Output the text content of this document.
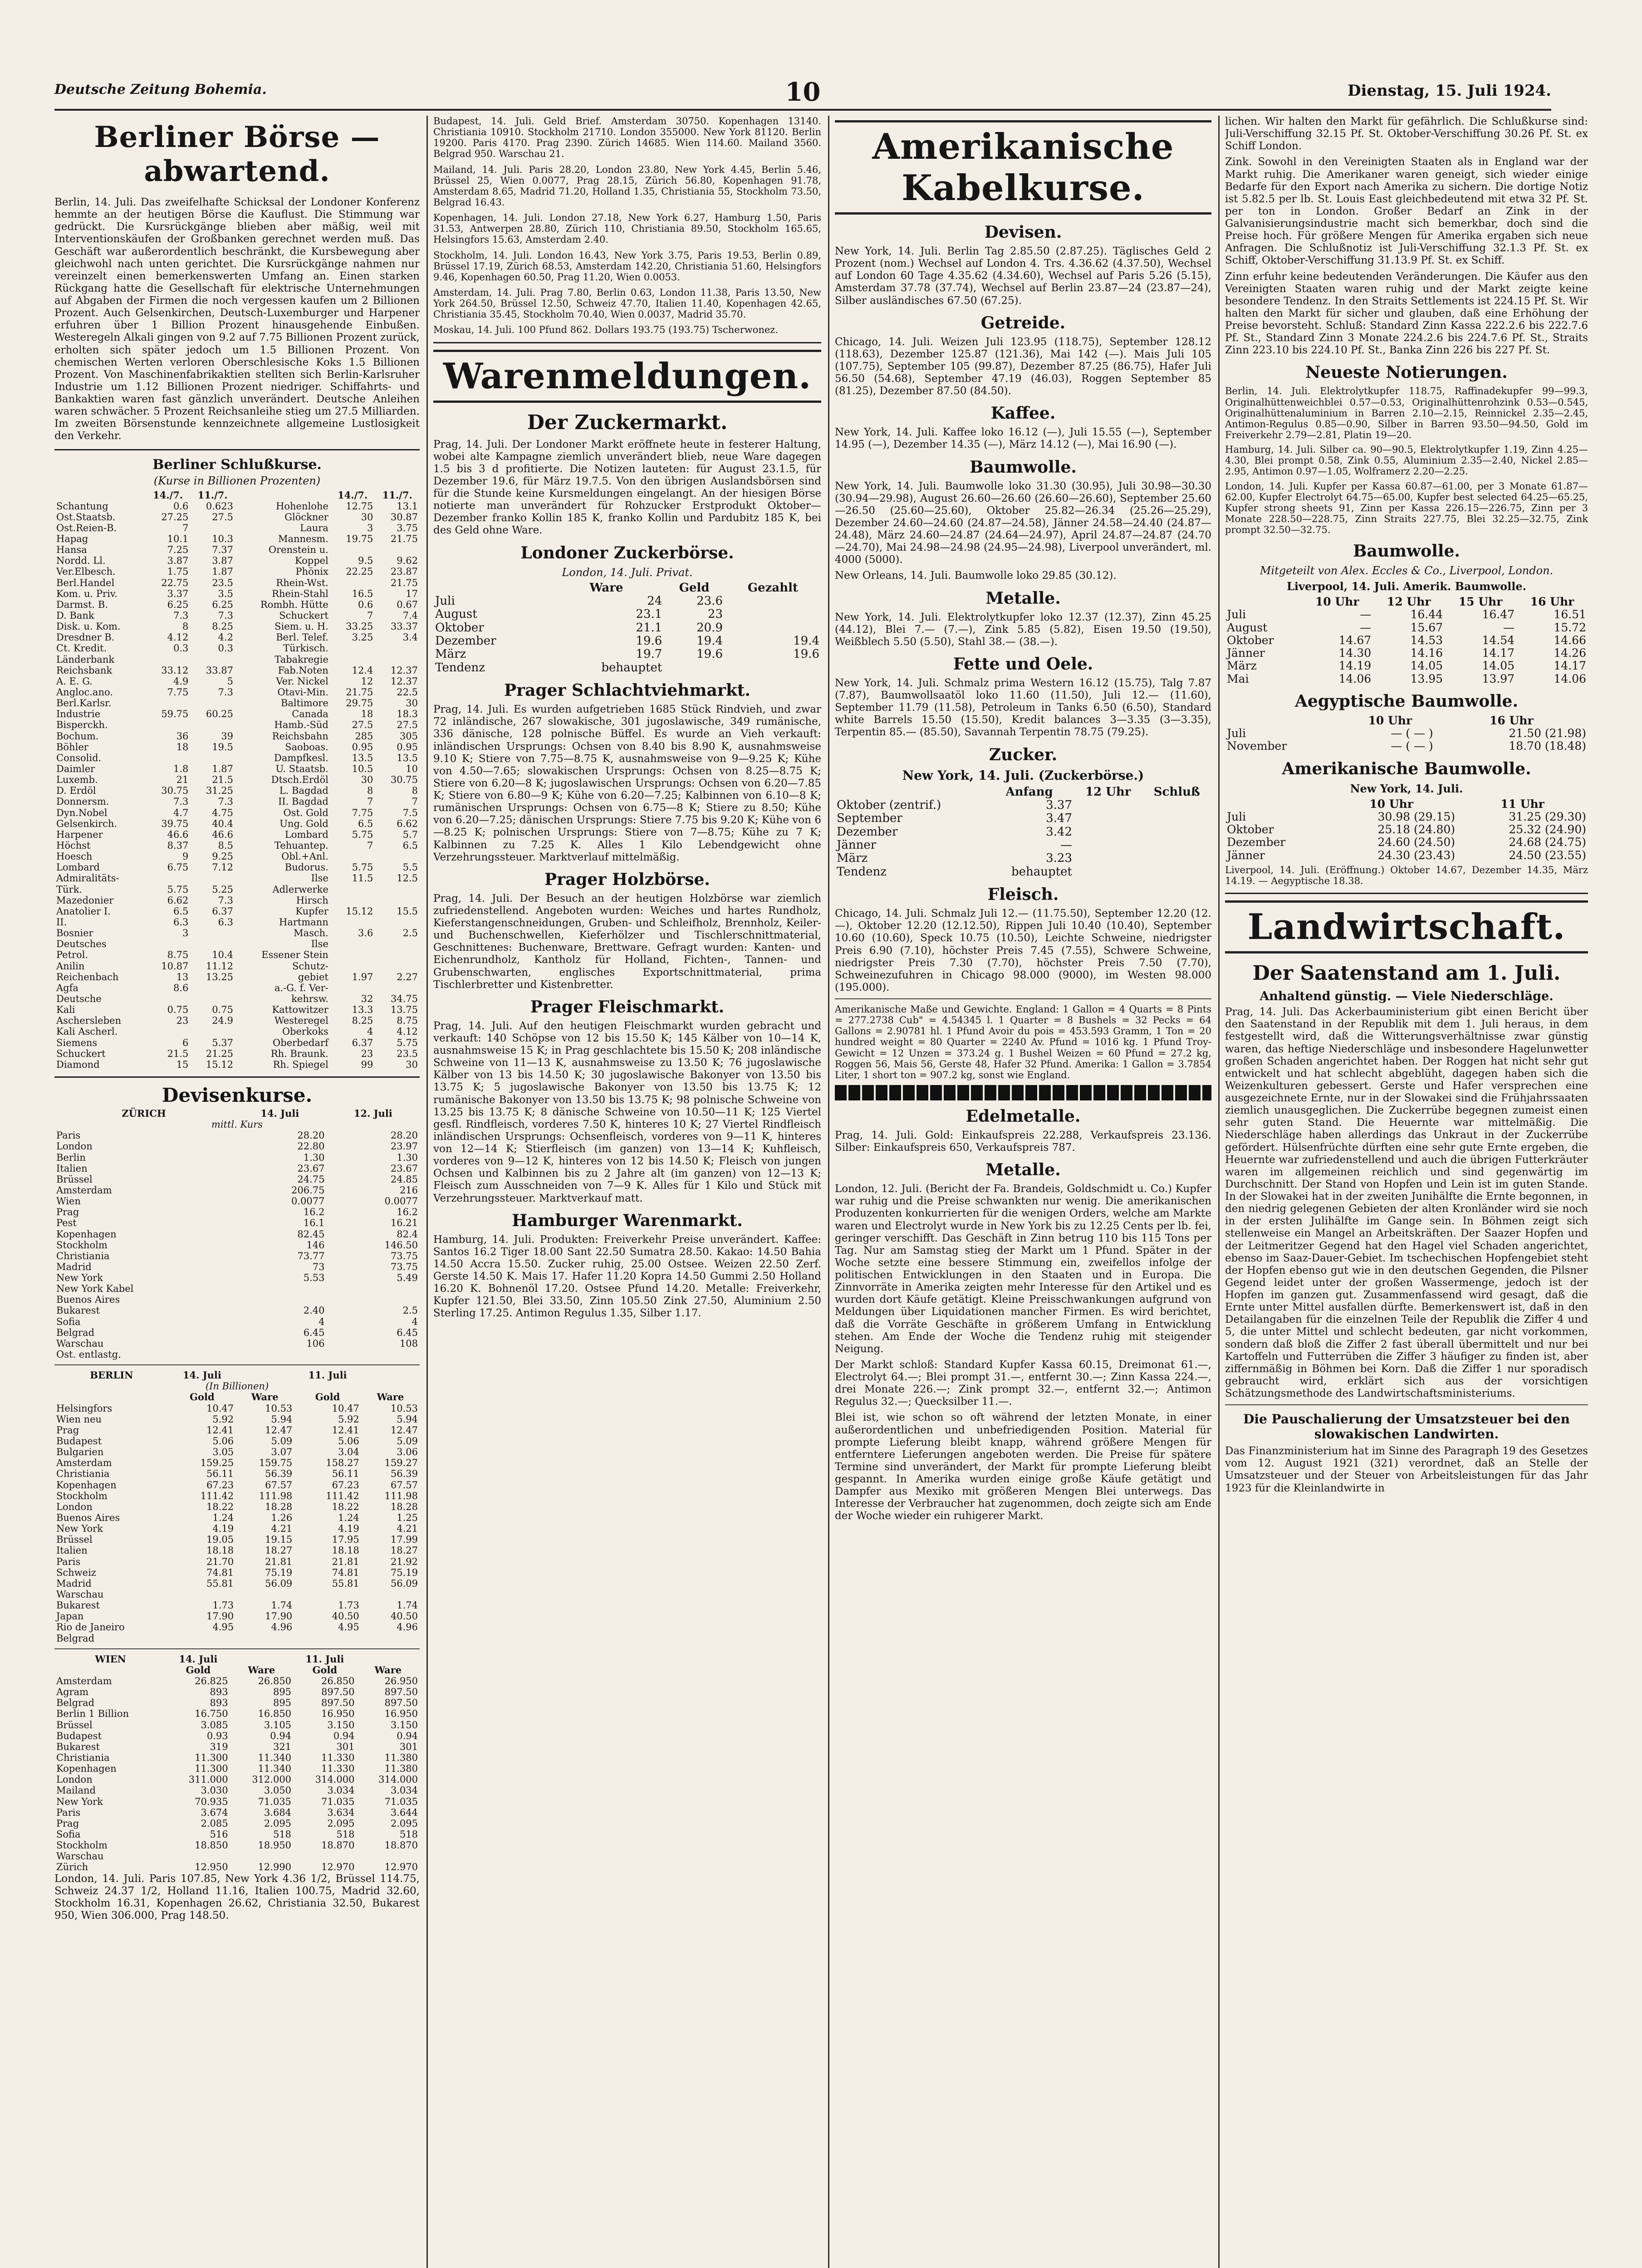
Deutsche Zeitung Bohemia.	10	Dienstag, 15. Juli 1924.
Berliner Börse — abwartend.

Berlin, 14. Juli. Das zweifelhafte Schicksal der Londoner Konferenz hemmte an der heutigen Börse die Kauflust. Die Stimmung war gedrückt. Die Kursrückgänge blieben aber mäßig, weil mit Interventionskäufen der Großbanken gerechnet werden muß. Das Geschäft war außerordentlich beschränkt, die Kursbewegung aber gleichwohl nach unten gerichtet. Die Kursrückgänge nahmen nur vereinzelt einen bemerkenswerten Umfang an. Einen starken Rückgang hatte die Gesellschaft für elektrische Unternehmungen auf Abgaben der Firmen die noch vergessen kaufen um 2 Billionen Prozent. Auch Gelsenkirchen, Deutsch-Luxemburger und Harpener erfuhren über 1 Billion Prozent hinausgehende Einbußen. Westeregeln Alkali gingen von 9.2 auf 7.75 Billionen Prozent zurück, erholten sich später jedoch um 1.5 Billionen Prozent. Von chemischen Werten verloren Oberschlesische Koks 1.5 Billionen Prozent. Von Maschinenfabrikaktien stellten sich Berlin-Karlsruher Industrie um 1.12 Billionen Prozent niedriger. Schiffahrts- und Bankaktien waren fast gänzlich unverändert. Deutsche Anleihen waren schwächer. 5 Prozent Reichsanleihe stieg um 27.5 Milliarden. Im zweiten Börsenstunde kennzeichnete allgemeine Lustlosigkeit den Verkehr.

Berliner Schlußkurse.
(Kurse in Billionen Prozenten)
	14./7.	11./7.		14./7.	11./7.
Schantung	0.6	0.623	Hohenlohe	12.75	13.1
Ost.Staatsb.	27.25	27.5	Glöckner	30	30.87
Ost.Reien-B.	7		Laura	3	3.75
Hapag	10.1	10.3	Mannesm.	19.75	21.75
Hansa	7.25	7.37	Orenstein u.		
Nordd. Ll.	3.87	3.87	Koppel	9.5	9.62
Ver.Elbesch.	1.75	1.87	Phönix	22.25	23.87
Berl.Handel	22.75	23.5	Rhein-Wst.		21.75
Kom. u. Priv.	3.37	3.5	Rhein-Stahl	16.5	17
Darmst. B.	6.25	6.25	Rombh. Hütte	0.6	0.67
D. Bank	7.3	7.3	Schuckert	7	7.4
Disk. u. Kom.	8	8.25	Siem. u. H.	33.25	33.37
Dresdner B.	4.12	4.2	Berl. Telef.	3.25	3.4
Ct. Kredit.	0.3	0.3	Türkisch.		
Länderbank			Tabakregie		
Reichsbank	33.12	33.87	Fab.Noten	12.4	12.37
A. E. G.	4.9	5	Ver. Nickel	12	12.37
Angloc.ano.	7.75	7.3	Otavi-Min.	21.75	22.5
Berl.Karlsr.			Baltimore	29.75	30
Industrie	59.75	60.25	Canada	18	18.3
Bisperckh.			Hamb.-Süd	27.5	27.5
Bochum.	36	39	Reichsbahn	285	305
Böhler	18	19.5	Saoboas.	0.95	0.95
Consolid.			Dampfkesl.	13.5	13.5
Daimler	1.8	1.87	U. Staatsb.	10.5	10
Luxemb.	21	21.5	Dtsch.Erdöl	30	30.75
D. Erdöl	30.75	31.25	L. Bagdad	8	8
Donnersm.	7.3	7.3	II. Bagdad	7	7
Dyn.Nobel	4.7	4.75	Ost. Gold	7.75	7.5
Gelsenkirch.	39.75	40.4	Ung. Gold	6.5	6.62
Harpener	46.6	46.6	Lombard	5.75	5.7
Höchst	8.37	8.5	Tehuantep.	7	6.5
Hoesch	9	9.25	Obl.+Anl.		
Lombard	6.75	7.12	Budorus.	5.75	5.5
Admiralitäts-			Ilse	11.5	12.5
Türk.	5.75	5.25	Adlerwerke		
Mazedonier	6.62	7.3	Hirsch		
Anatolier I.	6.5	6.37	Kupfer	15.12	15.5
II.	6.3	6.3	Hartmann		
Bosnier	3		Masch.	3.6	2.5
Deutsches			Ilse		
Petrol.	8.75	10.4	Essener Stein		
Anilin	10.87	11.12	Schutz-		
Reichenbach	13	13.25	gebiet	1.97	2.27
Agfa	8.6		a.-G. f. Ver-		
Deutsche			kehrsw.	32	34.75
Kali	0.75	0.75	Kattowitzer	13.3	13.75
Aschersleben	23	24.9	Westeregel	8.25	8.75
Kali Ascherl.			Oberkoks	4	4.12
Siemens	6	5.37	Oberbedarf	6.37	5.75
Schuckert	21.5	21.25	Rh. Braunk.	23	23.5
Diamond	15	15.12	Rh. Spiegel	99	30
Devisenkurse.
ZÜRICH	14. Juli	12. Juli
mittl. Kurs		
Paris	28.20	28.20
London	22.80	23.97
Berlin	1.30	1.30
Italien	23.67	23.67
Brüssel	24.75	24.85
Amsterdam	206.75	216
Wien	0.0077	0.0077
Prag	16.2	16.2
Pest	16.1	16.21
Kopenhagen	82.45	82.4
Stockholm	146	146.50
Christiania	73.77	73.75
Madrid	73	73.75
New York	5.53	5.49
New York Kabel		
Buenos Aires		
Bukarest	2.40	2.5
Sofia	4	4
Belgrad	6.45	6.45
Warschau	106	108
Ost. entlastg.		
BERLIN	14. Juli		11. Juli	
(In Billionen)				
	Gold	Ware	Gold	Ware
Helsingfors	10.47	10.53	10.47	10.53
Wien neu	5.92	5.94	5.92	5.94
Prag	12.41	12.47	12.41	12.47
Budapest	5.06	5.09	5.06	5.09
Bulgarien	3.05	3.07	3.04	3.06
Amsterdam	159.25	159.75	158.27	159.27
Christiania	56.11	56.39	56.11	56.39
Kopenhagen	67.23	67.57	67.23	67.57
Stockholm	111.42	111.98	111.42	111.98
London	18.22	18.28	18.22	18.28
Buenos Aires	1.24	1.26	1.24	1.25
New York	4.19	4.21	4.19	4.21
Brüssel	19.05	19.15	17.95	17.99
Italien	18.18	18.27	18.18	18.27
Paris	21.70	21.81	21.81	21.92
Schweiz	74.81	75.19	74.81	75.19
Madrid	55.81	56.09	55.81	56.09
Warschau				
Bukarest	1.73	1.74	1.73	1.74
Japan	17.90	17.90	40.50	40.50
Rio de Janeiro	4.95	4.96	4.95	4.96
Belgrad				
WIEN	14. Juli		11. Juli	
	Gold	Ware	Gold	Ware
Amsterdam	26.825	26.850	26.850	26.950
Agram	893	895	897.50	897.50
Belgrad	893	895	897.50	897.50
Berlin 1 Billion	16.750	16.850	16.950	16.950
Brüssel	3.085	3.105	3.150	3.150
Budapest	0.93	0.94	0.94	0.94
Bukarest	319	321	301	301
Christiania	11.300	11.340	11.330	11.380
Kopenhagen	11.300	11.340	11.330	11.380
London	311.000	312.000	314.000	314.000
Mailand	3.030	3.050	3.034	3.034
New York	70.935	71.035	71.035	71.035
Paris	3.674	3.684	3.634	3.644
Prag	2.085	2.095	2.095	2.095
Sofia	516	518	518	518
Stockholm	18.850	18.950	18.870	18.870
Warschau				
Zürich	12.950	12.990	12.970	12.970

London, 14. Juli. Paris 107.85, New York 4.36 1/2, Brüssel 114.75, Schweiz 24.37 1/2, Holland 11.16, Italien 100.75, Madrid 32.60, Stockholm 16.31, Kopenhagen 26.62, Christiania 32.50, Bukarest 950, Wien 306.000, Prag 148.50.

Budapest, 14. Juli. Geld Brief. Amsterdam 30750. Kopenhagen 13140. Christiania 10910. Stockholm 21710. London 355000. New York 81120. Berlin 19200. Paris 4170. Prag 2390. Zürich 14685. Wien 114.60. Mailand 3560. Belgrad 950. Warschau 21.

Mailand, 14. Juli. Paris 28.20, London 23.80, New York 4.45, Berlin 5.46, Brüssel 25, Wien 0.0077, Prag 28.15, Zürich 56.80, Kopenhagen 91.78, Amsterdam 8.65, Madrid 71.20, Holland 1.35, Christiania 55, Stockholm 73.50, Belgrad 16.43.

Kopenhagen, 14. Juli. London 27.18, New York 6.27, Hamburg 1.50, Paris 31.53, Antwerpen 28.80, Zürich 110, Christiania 89.50, Stockholm 165.65, Helsingfors 15.63, Amsterdam 2.40.

Stockholm, 14. Juli. London 16.43, New York 3.75, Paris 19.53, Berlin 0.89, Brüssel 17.19, Zürich 68.53, Amsterdam 142.20, Christiania 51.60, Helsingfors 9.46, Kopenhagen 60.50, Prag 11.20, Wien 0.0053.

Amsterdam, 14. Juli. Prag 7.80, Berlin 0.63, London 11.38, Paris 13.50, New York 264.50, Brüssel 12.50, Schweiz 47.70, Italien 11.40, Kopenhagen 42.65, Christiania 35.45, Stockholm 70.40, Wien 0.0037, Madrid 35.70.

Moskau, 14. Juli. 100 Pfund 862. Dollars 193.75 (193.75) Tscherwonez.

Warenmeldungen.
Der Zuckermarkt.

Prag, 14. Juli. Der Londoner Markt eröffnete heute in festerer Haltung, wobei alte Kampagne ziemlich unverändert blieb, neue Ware dagegen 1.5 bis 3 d profitierte. Die Notizen lauteten: für August 23.1.5, für Dezember 19.6, für März 19.7.5. Von den übrigen Auslandsbörsen sind für die Stunde keine Kursmeldungen eingelangt. An der hiesigen Börse notierte man unverändert für Rohzucker Erstprodukt Oktober—Dezember franko Kollin 185 K, franko Kollin und Pardubitz 185 K, bei des Geld ohne Ware.

Londoner Zuckerbörse.
London, 14. Juli. Privat.
	Ware	Geld	Gezahlt
Juli	24	23.6	
August	23.1	23	
Oktober	21.1	20.9	
Dezember	19.6	19.4	19.4
März	19.7	19.6	19.6
Tendenz	behauptet		
Prager Schlachtviehmarkt.

Prag, 14. Juli. Es wurden aufgetrieben 1685 Stück Rindvieh, und zwar 72 inländische, 267 slowakische, 301 jugoslawische, 349 rumänische, 336 dänische, 128 polnische Büffel. Es wurde an Vieh verkauft: inländischen Ursprungs: Ochsen von 8.40 bis 8.90 K, ausnahmsweise 9.10 K; Stiere von 7.75—8.75 K, ausnahmsweise von 9—9.25 K; Kühe von 4.50—7.65; slowakischen Ursprungs: Ochsen von 8.25—8.75 K; Stiere von 6.20—8 K; jugoslawischen Ursprungs: Ochsen von 6.20—7.85 K; Stiere von 6.80—9 K; Kühe von 6.20—7.25; Kalbinnen von 6.10—8 K; rumänischen Ursprungs: Ochsen von 6.75—8 K; Stiere zu 8.50; Kühe von 6.20—7.25; dänischen Ursprungs: Stiere 7.75 bis 9.20 K; Kühe von 6—8.25 K; polnischen Ursprungs: Stiere von 7—8.75; Kühe zu 7 K; Kalbinnen zu 7.25 K. Alles 1 Kilo Lebendgewicht ohne Verzehrungssteuer. Marktverlauf mittelmäßig.

Prager Holzbörse.

Prag, 14. Juli. Der Besuch an der heutigen Holzbörse war ziemlich zufriedenstellend. Angeboten wurden: Weiches und hartes Rundholz, Kieferstangenschneidungen, Gruben- und Schleifholz, Brennholz, Keiler- und Buchenschwellen, Kieferhölzer und Tischlerschnittmaterial, Geschnittenes: Buchenware, Brettware. Gefragt wurden: Kanten- und Eichenrundholz, Kantholz für Holland, Fichten-, Tannen- und Grubenschwarten, englisches Exportschnittmaterial, prima Tischlerbretter und Kistenbretter.

Prager Fleischmarkt.

Prag, 14. Juli. Auf den heutigen Fleischmarkt wurden gebracht und verkauft: 140 Schöpse von 12 bis 15.50 K; 145 Kälber von 10—14 K, ausnahmsweise 15 K; in Prag geschlachtete bis 15.50 K; 208 inländische Schweine von 11—13 K, ausnahmsweise zu 13.50 K; 76 jugoslawische Kälber von 13 bis 14.50 K; 30 jugoslawische Bakonyer von 13.50 bis 13.75 K; 5 jugoslawische Bakonyer von 13.50 bis 13.75 K; 12 rumänische Bakonyer von 13.50 bis 13.75 K; 98 polnische Schweine von 13.25 bis 13.75 K; 8 dänische Schweine von 10.50—11 K; 125 Viertel gesfl. Rindfleisch, vorderes 7.50 K, hinteres 10 K; 27 Viertel Rindfleisch inländischen Ursprungs: Ochsenfleisch, vorderes von 9—11 K, hinteres von 12—14 K; Stierfleisch (im ganzen) von 13—14 K; Kuhfleisch, vorderes von 9—12 K, hinteres von 12 bis 14.50 K; Fleisch von jungen Ochsen und Kalbinnen bis zu 2 Jahre alt (im ganzen) von 12—13 K; Fleisch zum Ausschneiden von 7—9 K. Alles für 1 Kilo und Stück mit Verzehrungssteuer. Marktverkauf matt.

Hamburger Warenmarkt.

Hamburg, 14. Juli. Produkten: Freiverkehr Preise unverändert. Kaffee: Santos 16.2 Tiger 18.00 Sant 22.50 Sumatra 28.50. Kakao: 14.50 Bahia 14.50 Accra 15.50. Zucker ruhig, 25.00 Ostsee. Weizen 22.50 Zerf. Gerste 14.50 K. Mais 17. Hafer 11.20 Kopra 14.50 Gummi 2.50 Holland 16.20 K. Bohnenöl 17.20. Ostsee Pfund 14.20. Metalle: Freiverkehr, Kupfer 121.50, Blei 33.50, Zinn 105.50 Zink 27.50, Aluminium 2.50 Sterling 17.25. Antimon Regulus 1.35, Silber 1.17.

Amerikanische Kabelkurse.
Devisen.

New York, 14. Juli. Berlin Tag 2.85.50 (2.87.25). Täglisches Geld 2 Prozent (nom.) Wechsel auf London 4. Trs. 4.36.62 (4.37.50), Wechsel auf London 60 Tage 4.35.62 (4.34.60), Wechsel auf Paris 5.26 (5.15), Amsterdam 37.78 (37.74), Wechsel auf Berlin 23.87—24 (23.87—24), Silber ausländisches 67.50 (67.25).

Getreide.

Chicago, 14. Juli. Weizen Juli 123.95 (118.75), September 128.12 (118.63), Dezember 125.87 (121.36), Mai 142 (—). Mais Juli 105 (107.75), September 105 (99.87), Dezember 87.25 (86.75), Hafer Juli 56.50 (54.68), September 47.19 (46.03), Roggen September 85 (81.25), Dezember 87.50 (84.50).

Kaffee.

New York, 14. Juli. Kaffee loko 16.12 (—), Juli 15.55 (—), September 14.95 (—), Dezember 14.35 (—), März 14.12 (—), Mai 16.90 (—).

Baumwolle.

New York, 14. Juli. Baumwolle loko 31.30 (30.95), Juli 30.98—30.30 (30.94—29.98), August 26.60—26.60 (26.60—26.60), September 25.60—26.50 (25.60—25.60), Oktober 25.82—26.34 (25.26—25.29), Dezember 24.60—24.60 (24.87—24.58), Jänner 24.58—24.40 (24.87—24.48), März 24.60—24.87 (24.64—24.97), April 24.87—24.87 (24.70—24.70), Mai 24.98—24.98 (24.95—24.98), Liverpool unverändert, ml. 4000 (5000).

New Orleans, 14. Juli. Baumwolle loko 29.85 (30.12).

Metalle.

New York, 14. Juli. Elektrolytkupfer loko 12.37 (12.37), Zinn 45.25 (44.12), Blei 7.— (7.—), Zink 5.85 (5.82), Eisen 19.50 (19.50), Weißblech 5.50 (5.50), Stahl 38.— (38.—).

Fette und Oele.

New York, 14. Juli. Schmalz prima Western 16.12 (15.75), Talg 7.87 (7.87), Baumwollsaatöl loko 11.60 (11.50), Juli 12.— (11.60), September 11.79 (11.58), Petroleum in Tanks 6.50 (6.50), Standard white Barrels 15.50 (15.50), Kredit balances 3—3.35 (3—3.35), Terpentin 85.— (85.50), Savannah Terpentin 78.75 (79.25).

Zucker.
New York, 14. Juli. (Zuckerbörse.)
	Anfang	12 Uhr	Schluß
Oktober (zentrif.)	3.37		
September	3.47		
Dezember	3.42		
Jänner	—		
März	3.23		
Tendenz	behauptet		
Fleisch.

Chicago, 14. Juli. Schmalz Juli 12.— (11.75.50), September 12.20 (12.—), Oktober 12.20 (12.12.50), Rippen Juli 10.40 (10.40), September 10.60 (10.60), Speck 10.75 (10.50), Leichte Schweine, niedrigster Preis 6.90 (7.10), höchster Preis 7.45 (7.55), Schwere Schweine, niedrigster Preis 7.30 (7.70), höchster Preis 7.50 (7.70), Schweinezufuhren in Chicago 98.000 (9000), im Westen 98.000 (195.000).

Amerikanische Maße und Gewichte. England: 1 Gallon = 4 Quarts = 8 Pints = 277.2738 Cub" = 4.54345 l. 1 Quarter = 8 Bushels = 32 Pecks = 64 Gallons = 2.90781 hl. 1 Pfund Avoir du pois = 453.593 Gramm, 1 Ton = 20 hundred weight = 80 Quarter = 2240 Av. Pfund = 1016 kg. 1 Pfund Troy-Gewicht = 12 Unzen = 373.24 g. 1 Bushel Weizen = 60 Pfund = 27.2 kg, Roggen 56, Mais 56, Gerste 48, Hafer 32 Pfund. Amerika: 1 Gallon = 3.7854 Liter, 1 short ton = 907.2 kg, sonst wie England.

Edelmetalle.

Prag, 14. Juli. Gold: Einkaufspreis 22.288, Verkaufspreis 23.136. Silber: Einkaufspreis 650, Verkaufspreis 787.

Metalle.

London, 12. Juli. (Bericht der Fa. Brandeis, Goldschmidt u. Co.) Kupfer war ruhig und die Preise schwankten nur wenig. Die amerikanischen Produzenten konkurrierten für die wenigen Orders, welche am Markte waren und Electrolyt wurde in New York bis zu 12.25 Cents per lb. fei, geringer verschifft. Das Geschäft in Zinn betrug 110 bis 115 Tons per Tag. Nur am Samstag stieg der Markt um 1 Pfund. Später in der Woche setzte eine bessere Stimmung ein, zweifellos infolge der politischen Entwicklungen in den Staaten und in Europa. Die Zinnvorräte in Amerika zeigten mehr Interesse für den Artikel und es wurden dort Käufe getätigt. Kleine Preisschwankungen aufgrund von Meldungen über Liquidationen mancher Firmen. Es wird berichtet, daß die Vorräte Geschäfte in größerem Umfang in Entwicklung stehen. Am Ende der Woche die Tendenz ruhig mit steigender Neigung.

Der Markt schloß: Standard Kupfer Kassa 60.15, Dreimonat 61.—, Electrolyt 64.—; Blei prompt 31.—, entfernt 30.—; Zinn Kassa 224.—, drei Monate 226.—; Zink prompt 32.—, entfernt 32.—; Antimon Regulus 32.—; Quecksilber 11.—.

Blei ist, wie schon so oft während der letzten Monate, in einer außerordentlichen und unbefriedigenden Position. Material für prompte Lieferung bleibt knapp, während größere Mengen für entferntere Lieferungen angeboten werden. Die Preise für spätere Termine sind unverändert, der Markt für prompte Lieferung bleibt gespannt. In Amerika wurden einige große Käufe getätigt und Dampfer aus Mexiko mit größeren Mengen Blei unterwegs. Das Interesse der Verbraucher hat zugenommen, doch zeigte sich am Ende der Woche wieder ein ruhigerer Markt.

lichen. Wir halten den Markt für gefährlich. Die Schlußkurse sind: Juli-Verschiffung 32.15 Pf. St. Oktober-Verschiffung 30.26 Pf. St. ex Schiff London.

Zink. Sowohl in den Vereinigten Staaten als in England war der Markt ruhig. Die Amerikaner waren geneigt, sich wieder einige Bedarfe für den Export nach Amerika zu sichern. Die dortige Notiz ist 5.82.5 per lb. St. Louis East gleichbedeutend mit etwa 32 Pf. St. per ton in London. Großer Bedarf an Zink in der Galvanisierungsindustrie macht sich bemerkbar, doch sind die Preise hoch. Für größere Mengen für Amerika ergaben sich neue Anfragen. Die Schlußnotiz ist Juli-Verschiffung 32.1.3 Pf. St. ex Schiff, Oktober-Verschiffung 31.13.9 Pf. St. ex Schiff.

Zinn erfuhr keine bedeutenden Veränderungen. Die Käufer aus den Vereinigten Staaten waren ruhig und der Markt zeigte keine besondere Tendenz. In den Straits Settlements ist 224.15 Pf. St. Wir halten den Markt für sicher und glauben, daß eine Erhöhung der Preise bevorsteht. Schluß: Standard Zinn Kassa 222.2.6 bis 222.7.6 Pf. St., Standard Zinn 3 Monate 224.2.6 bis 224.7.6 Pf. St., Straits Zinn 223.10 bis 224.10 Pf. St., Banka Zinn 226 bis 227 Pf. St.

Neueste Notierungen.

Berlin, 14. Juli. Elektrolytkupfer 118.75, Raffinadekupfer 99—99.3, Originalhüttenweichblei 0.57—0.53, Originalhüttenrohzink 0.53—0.545, Originalhüttenaluminium in Barren 2.10—2.15, Reinnickel 2.35—2.45, Antimon-Regulus 0.85—0.90, Silber in Barren 93.50—94.50, Gold im Freiverkehr 2.79—2.81, Platin 19—20.

Hamburg, 14. Juli. Silber ca. 90—90.5, Elektrolytkupfer 1.19, Zinn 4.25—4.30, Blei prompt 0.58, Zink 0.55, Aluminium 2.35—2.40, Nickel 2.85—2.95, Antimon 0.97—1.05, Wolframerz 2.20—2.25.

London, 14. Juli. Kupfer per Kassa 60.87—61.00, per 3 Monate 61.87—62.00, Kupfer Electrolyt 64.75—65.00, Kupfer best selected 64.25—65.25, Kupfer strong sheets 91, Zinn per Kassa 226.15—226.75, Zinn per 3 Monate 228.50—228.75, Zinn Straits 227.75, Blei 32.25—32.75, Zink prompt 32.50—32.75.

Baumwolle.
Mitgeteilt von Alex. Eccles & Co., Liverpool, London.
Liverpool, 14. Juli. Amerik. Baumwolle.
	10 Uhr	12 Uhr	15 Uhr	16 Uhr
Juli	—	16.44	16.47	16.51
August	—	15.67	—	15.72
Oktober	14.67	14.53	14.54	14.66
Jänner	14.30	14.16	14.17	14.26
März	14.19	14.05	14.05	14.17
Mai	14.06	13.95	13.97	14.06
Aegyptische Baumwolle.
	10 Uhr	16 Uhr
Juli	— ( — )	21.50 (21.98)
November	— ( — )	18.70 (18.48)
Amerikanische Baumwolle.
New York, 14. Juli.
	10 Uhr	11 Uhr
Juli	30.98 (29.15)	31.25 (29.30)
Oktober	25.18 (24.80)	25.32 (24.90)
Dezember	24.60 (24.50)	24.68 (24.75)
Jänner	24.30 (23.43)	24.50 (23.55)

Liverpool, 14. Juli. (Eröffnung.) Oktober 14.67, Dezember 14.35, März 14.19. — Aegyptische 18.38.

Landwirtschaft.
Der Saatenstand am 1. Juli.
Anhaltend günstig. — Viele Niederschläge.

Prag, 14. Juli. Das Ackerbauministerium gibt einen Bericht über den Saatenstand in der Republik mit dem 1. Juli heraus, in dem festgestellt wird, daß die Witterungsverhältnisse zwar günstig waren, das heftige Niederschläge und insbesondere Hagelunwetter großen Schaden angerichtet haben. Der Roggen hat nicht sehr gut entwickelt und hat schlecht abgeblüht, dagegen haben sich die Weizenkulturen gebessert. Gerste und Hafer versprechen eine ausgezeichnete Ernte, nur in der Slowakei sind die Frühjahrssaaten ziemlich unausgeglichen. Die Zuckerrübe begegnen zumeist einen sehr guten Stand. Die Heuernte war mittelmäßig. Die Niederschläge haben allerdings das Unkraut in der Zuckerrübe gefördert. Hülsenfrüchte dürften eine sehr gute Ernte ergeben, die Heuernte war zufriedenstellend und auch die übrigen Futterkräuter waren im allgemeinen reichlich und sind gegenwärtig im Durchschnitt. Der Stand von Hopfen und Lein ist im guten Stande. In der Slowakei hat in der zweiten Junihälfte die Ernte begonnen, in den niedrig gelegenen Gebieten der alten Kronländer wird sie noch in der ersten Julihälfte im Gange sein. In Böhmen zeigt sich stellenweise ein Mangel an Arbeitskräften. Der Saazer Hopfen und der Leitmeritzer Gegend hat den Hagel viel Schaden angerichtet, ebenso im Saaz-Dauer-Gebiet. Im tschechischen Hopfengebiet steht der Hopfen ebenso gut wie in den deutschen Gegenden, die Pilsner Gegend leidet unter der großen Wassermenge, jedoch ist der Hopfen im ganzen gut. Zusammenfassend wird gesagt, daß die Ernte unter Mittel ausfallen dürfte. Bemerkenswert ist, daß in den Detailangaben für die einzelnen Teile der Republik die Ziffer 4 und 5, die unter Mittel und schlecht bedeuten, gar nicht vorkommen, sondern daß bloß die Ziffer 2 fast überall übermittelt und nur bei Kartoffeln und Futterrüben die Ziffer 3 häufiger zu finden ist, aber ziffernmäßig in Böhmen bei Korn. Daß die Ziffer 1 nur sporadisch gebraucht wird, erklärt sich aus der vorsichtigen Schätzungsmethode des Landwirtschaftsministeriums.

Die Pauschalierung der Umsatzsteuer bei den slowakischen Landwirten.

Das Finanzministerium hat im Sinne des Paragraph 19 des Gesetzes vom 12. August 1921 (321) verordnet, daß an Stelle der Umsatzsteuer und der Steuer von Arbeitsleistungen für das Jahr 1923 für die Kleinlandwirte in
